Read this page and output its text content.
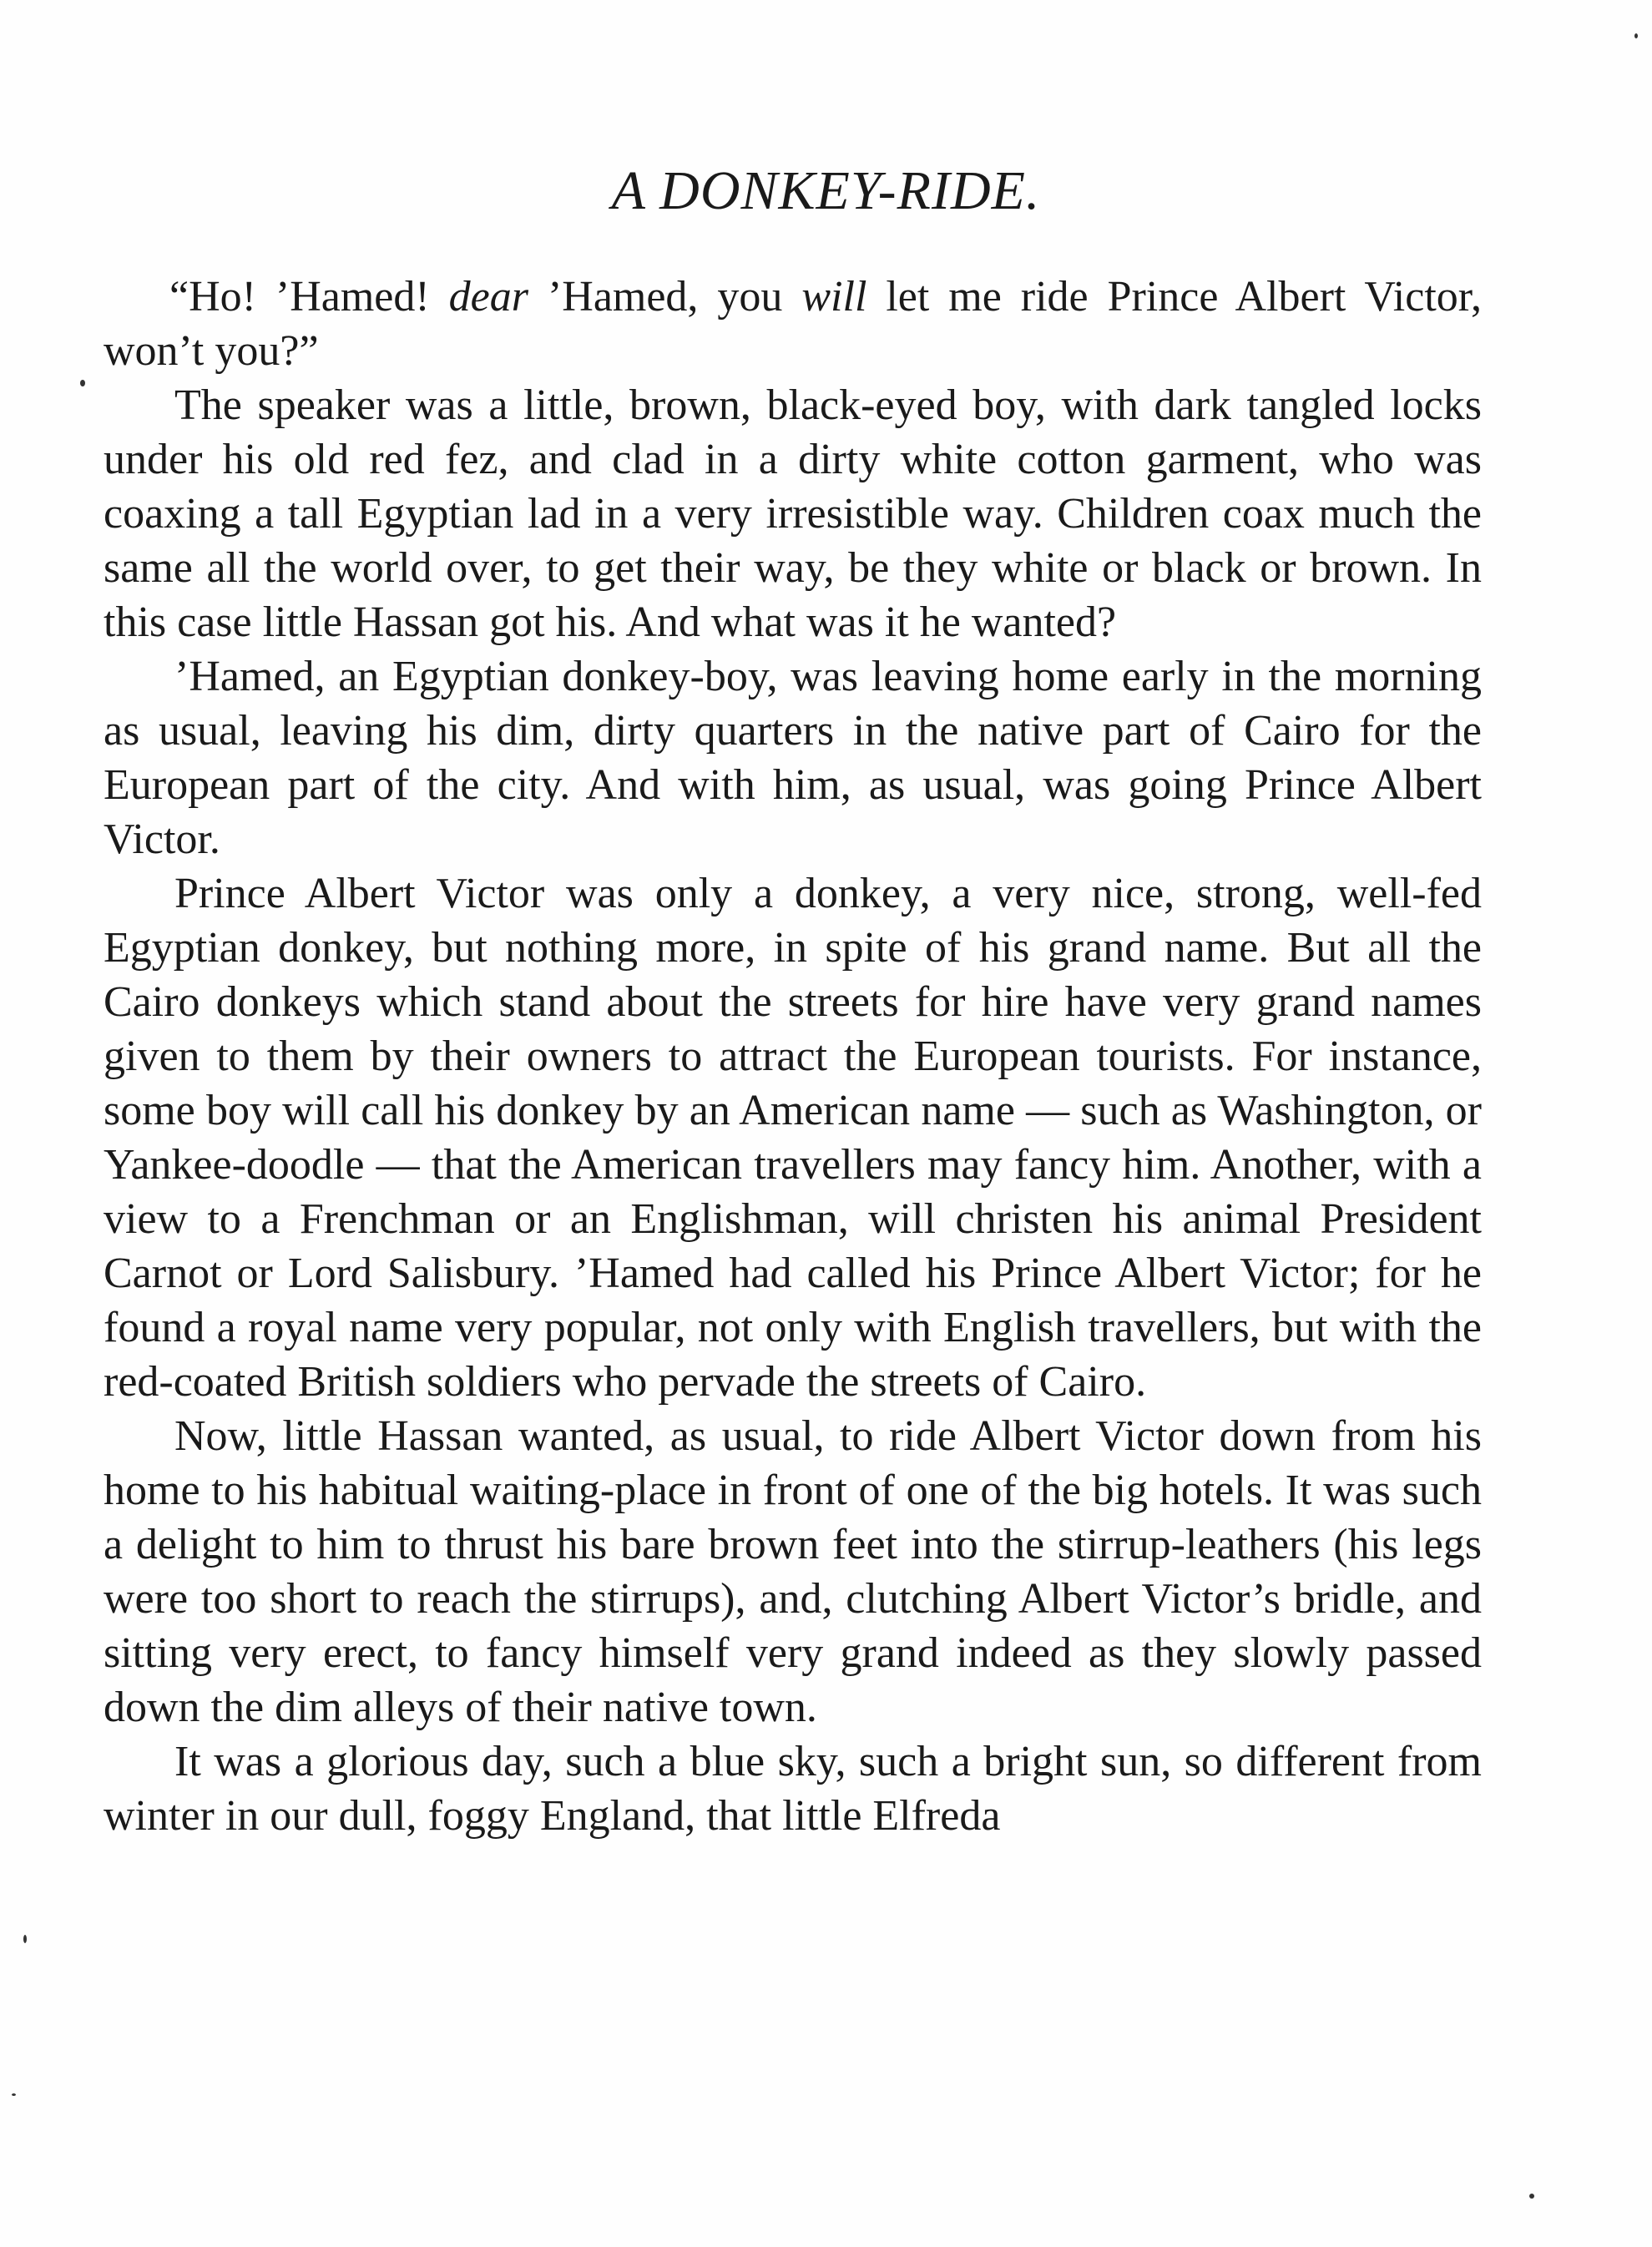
A DONKEY-RIDE.

“Ho! ’Hamed! dear ’Hamed, you will let me ride Prince Albert Victor, won’t you?”

The speaker was a little, brown, black-eyed boy, with dark tangled locks under his old red fez, and clad in a dirty white cotton garment, who was coaxing a tall Egyptian lad in a very irresistible way. Children coax much the same all the world over, to get their way, be they white or black or brown. In this case little Hassan got his. And what was it he wanted?

’Hamed, an Egyptian donkey-boy, was leaving home early in the morning as usual, leaving his dim, dirty quarters in the native part of Cairo for the European part of the city. And with him, as usual, was going Prince Albert Victor.

Prince Albert Victor was only a donkey, a very nice, strong, well-fed Egyptian donkey, but nothing more, in spite of his grand name. But all the Cairo donkeys which stand about the streets for hire have very grand names given to them by their owners to attract the European tourists. For instance, some boy will call his donkey by an American name — such as Washington, or Yankee-doodle — that the American travellers may fancy him. Another, with a view to a Frenchman or an Englishman, will christen his animal President Carnot or Lord Salisbury. ’Hamed had called his Prince Albert Victor; for he found a royal name very popular, not only with English travellers, but with the red-coated British soldiers who pervade the streets of Cairo.

Now, little Hassan wanted, as usual, to ride Albert Victor down from his home to his habitual waiting-place in front of one of the big hotels. It was such a delight to him to thrust his bare brown feet into the stirrup-leathers (his legs were too short to reach the stirrups), and, clutching Albert Victor’s bridle, and sitting very erect, to fancy himself very grand indeed as they slowly passed down the dim alleys of their native town.

It was a glorious day, such a blue sky, such a bright sun, so different from winter in our dull, foggy England, that little Elfreda
